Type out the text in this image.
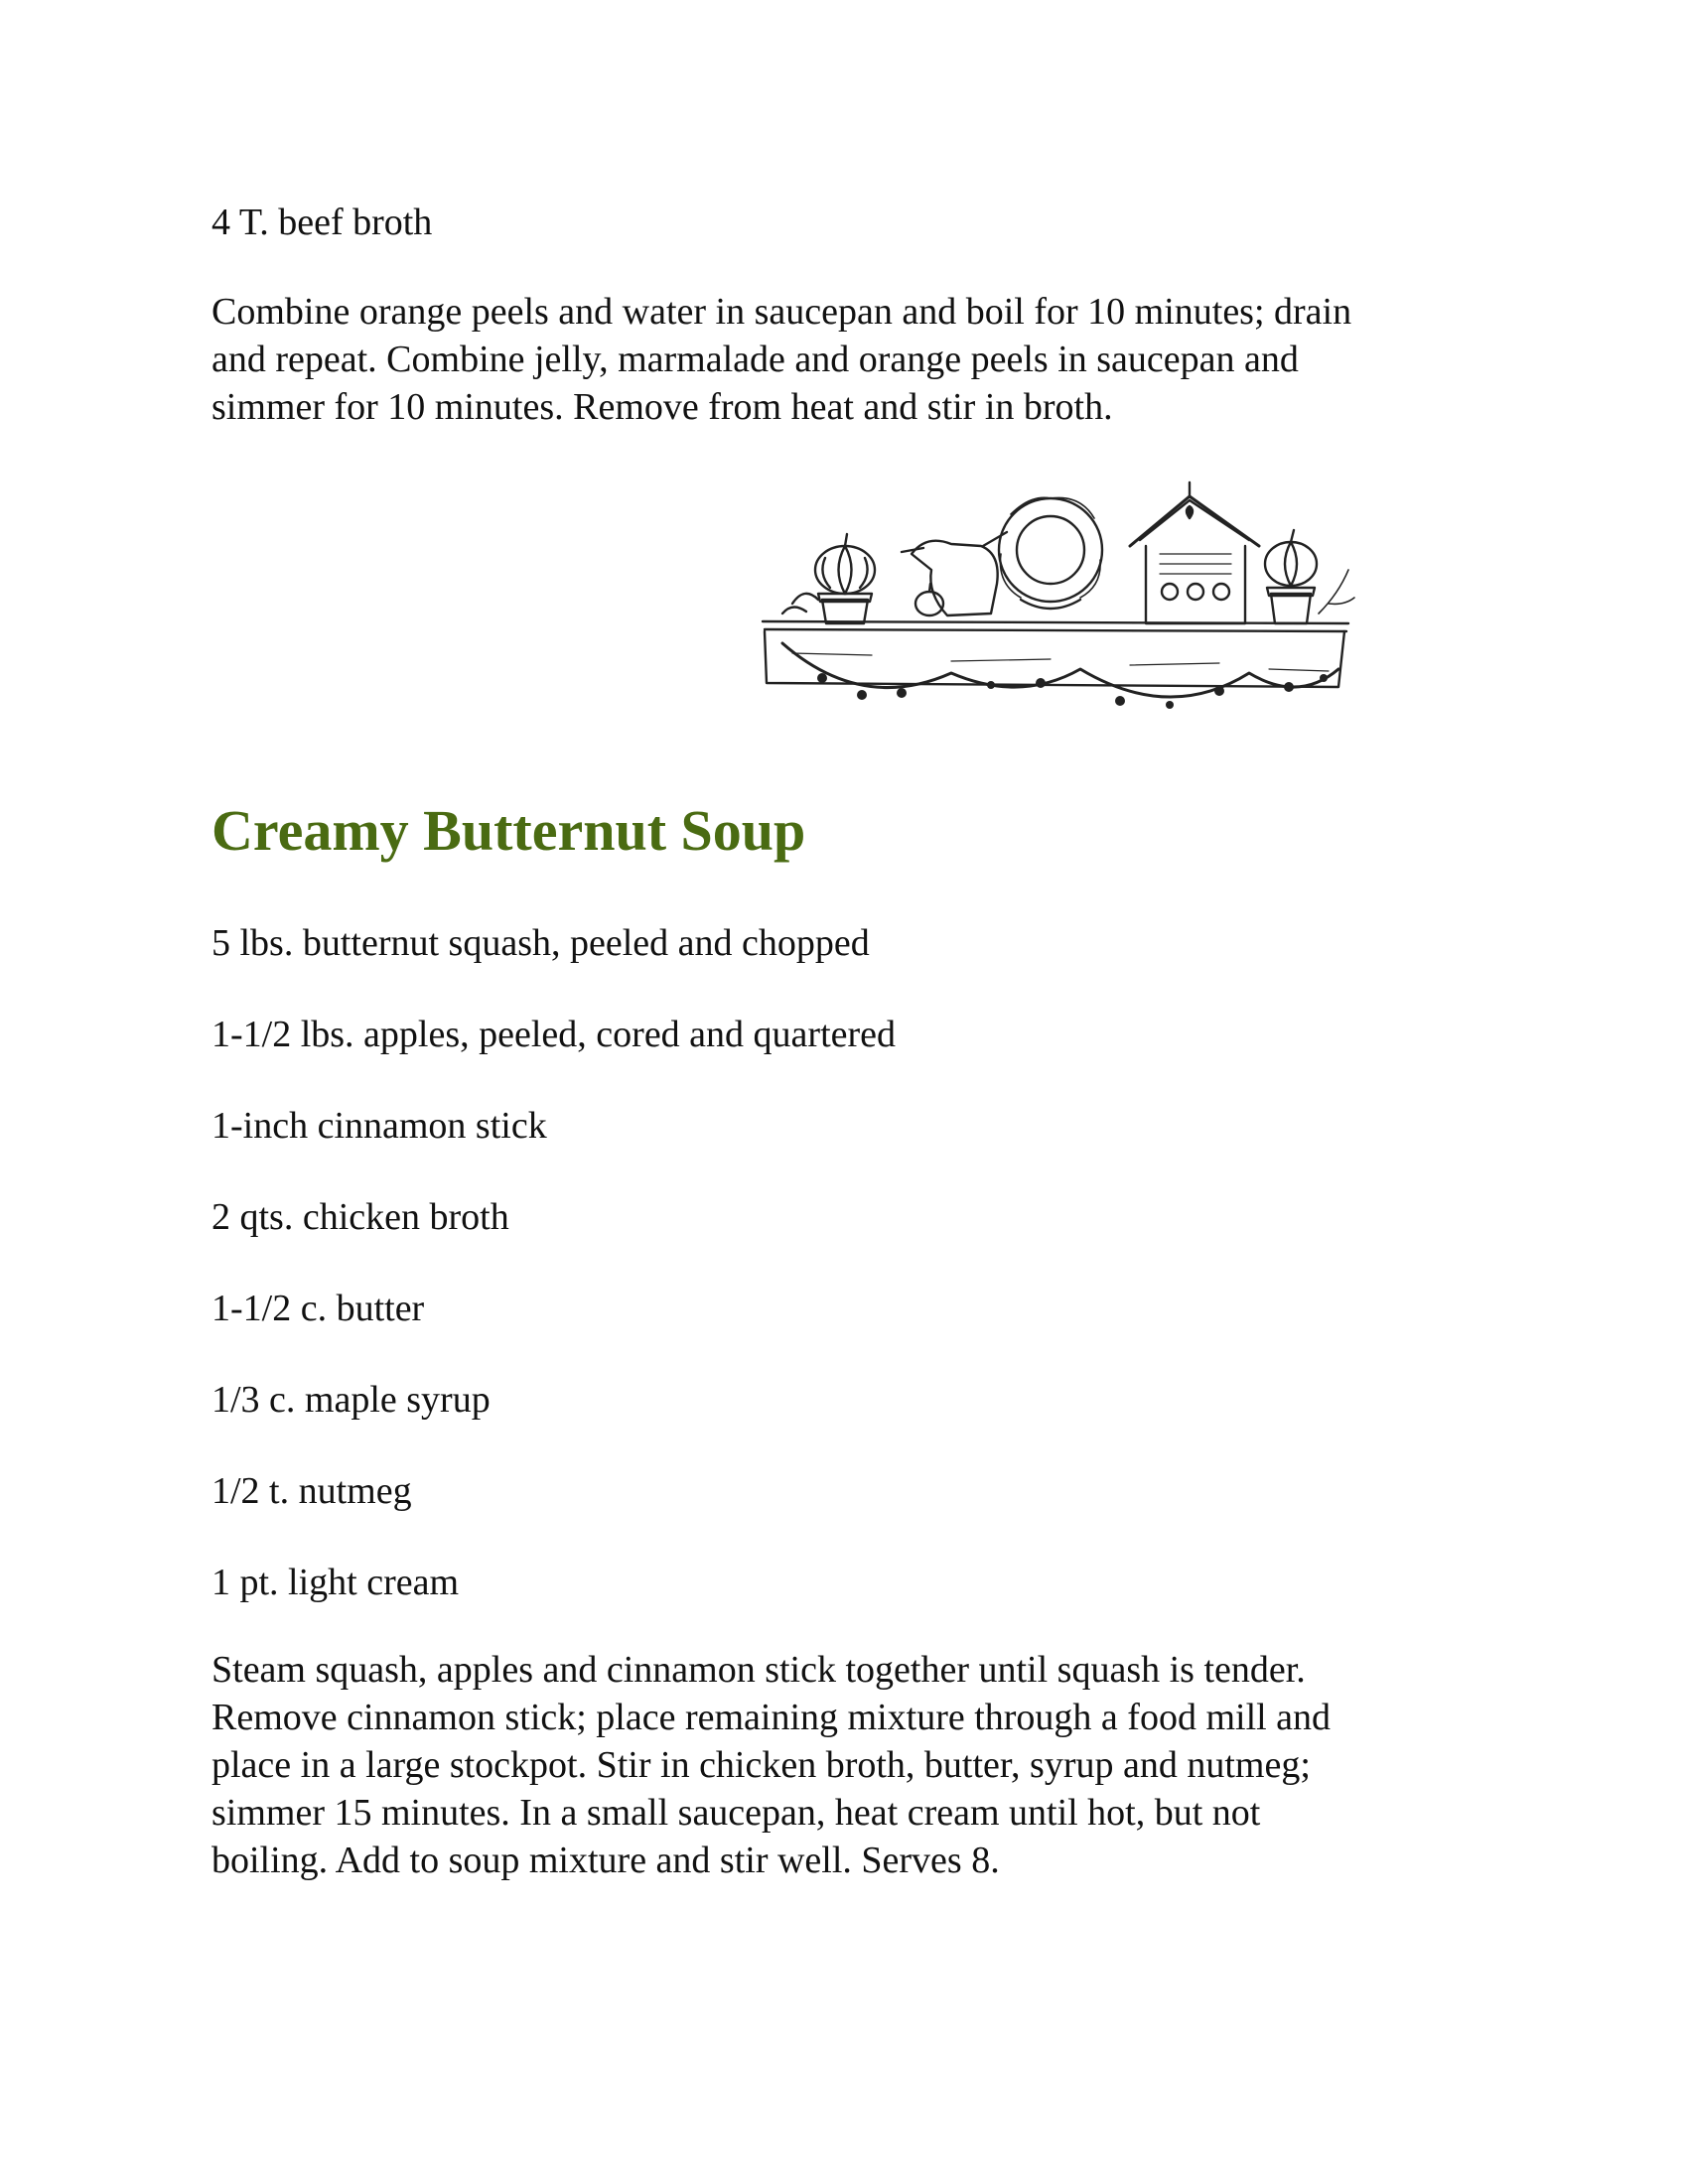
4 T. beef broth

Combine orange peels and water in saucepan and boil for 10 minutes; drain
and repeat. Combine jelly, marmalade and orange peels in saucepan and
simmer for 10 minutes. Remove from heat and stir in broth.
Creamy Butternut Soup

5 lbs. butternut squash, peeled and chopped

1-1/2 lbs. apples, peeled, cored and quartered

1-inch cinnamon stick

2 qts. chicken broth

1-1/2 c. butter

1/3 c. maple syrup

1/2 t. nutmeg

1 pt. light cream

Steam squash, apples and cinnamon stick together until squash is tender.
Remove cinnamon stick; place remaining mixture through a food mill and
place in a large stockpot. Stir in chicken broth, butter, syrup and nutmeg;
simmer 15 minutes. In a small saucepan, heat cream until hot, but not
boiling. Add to soup mixture and stir well. Serves 8.
